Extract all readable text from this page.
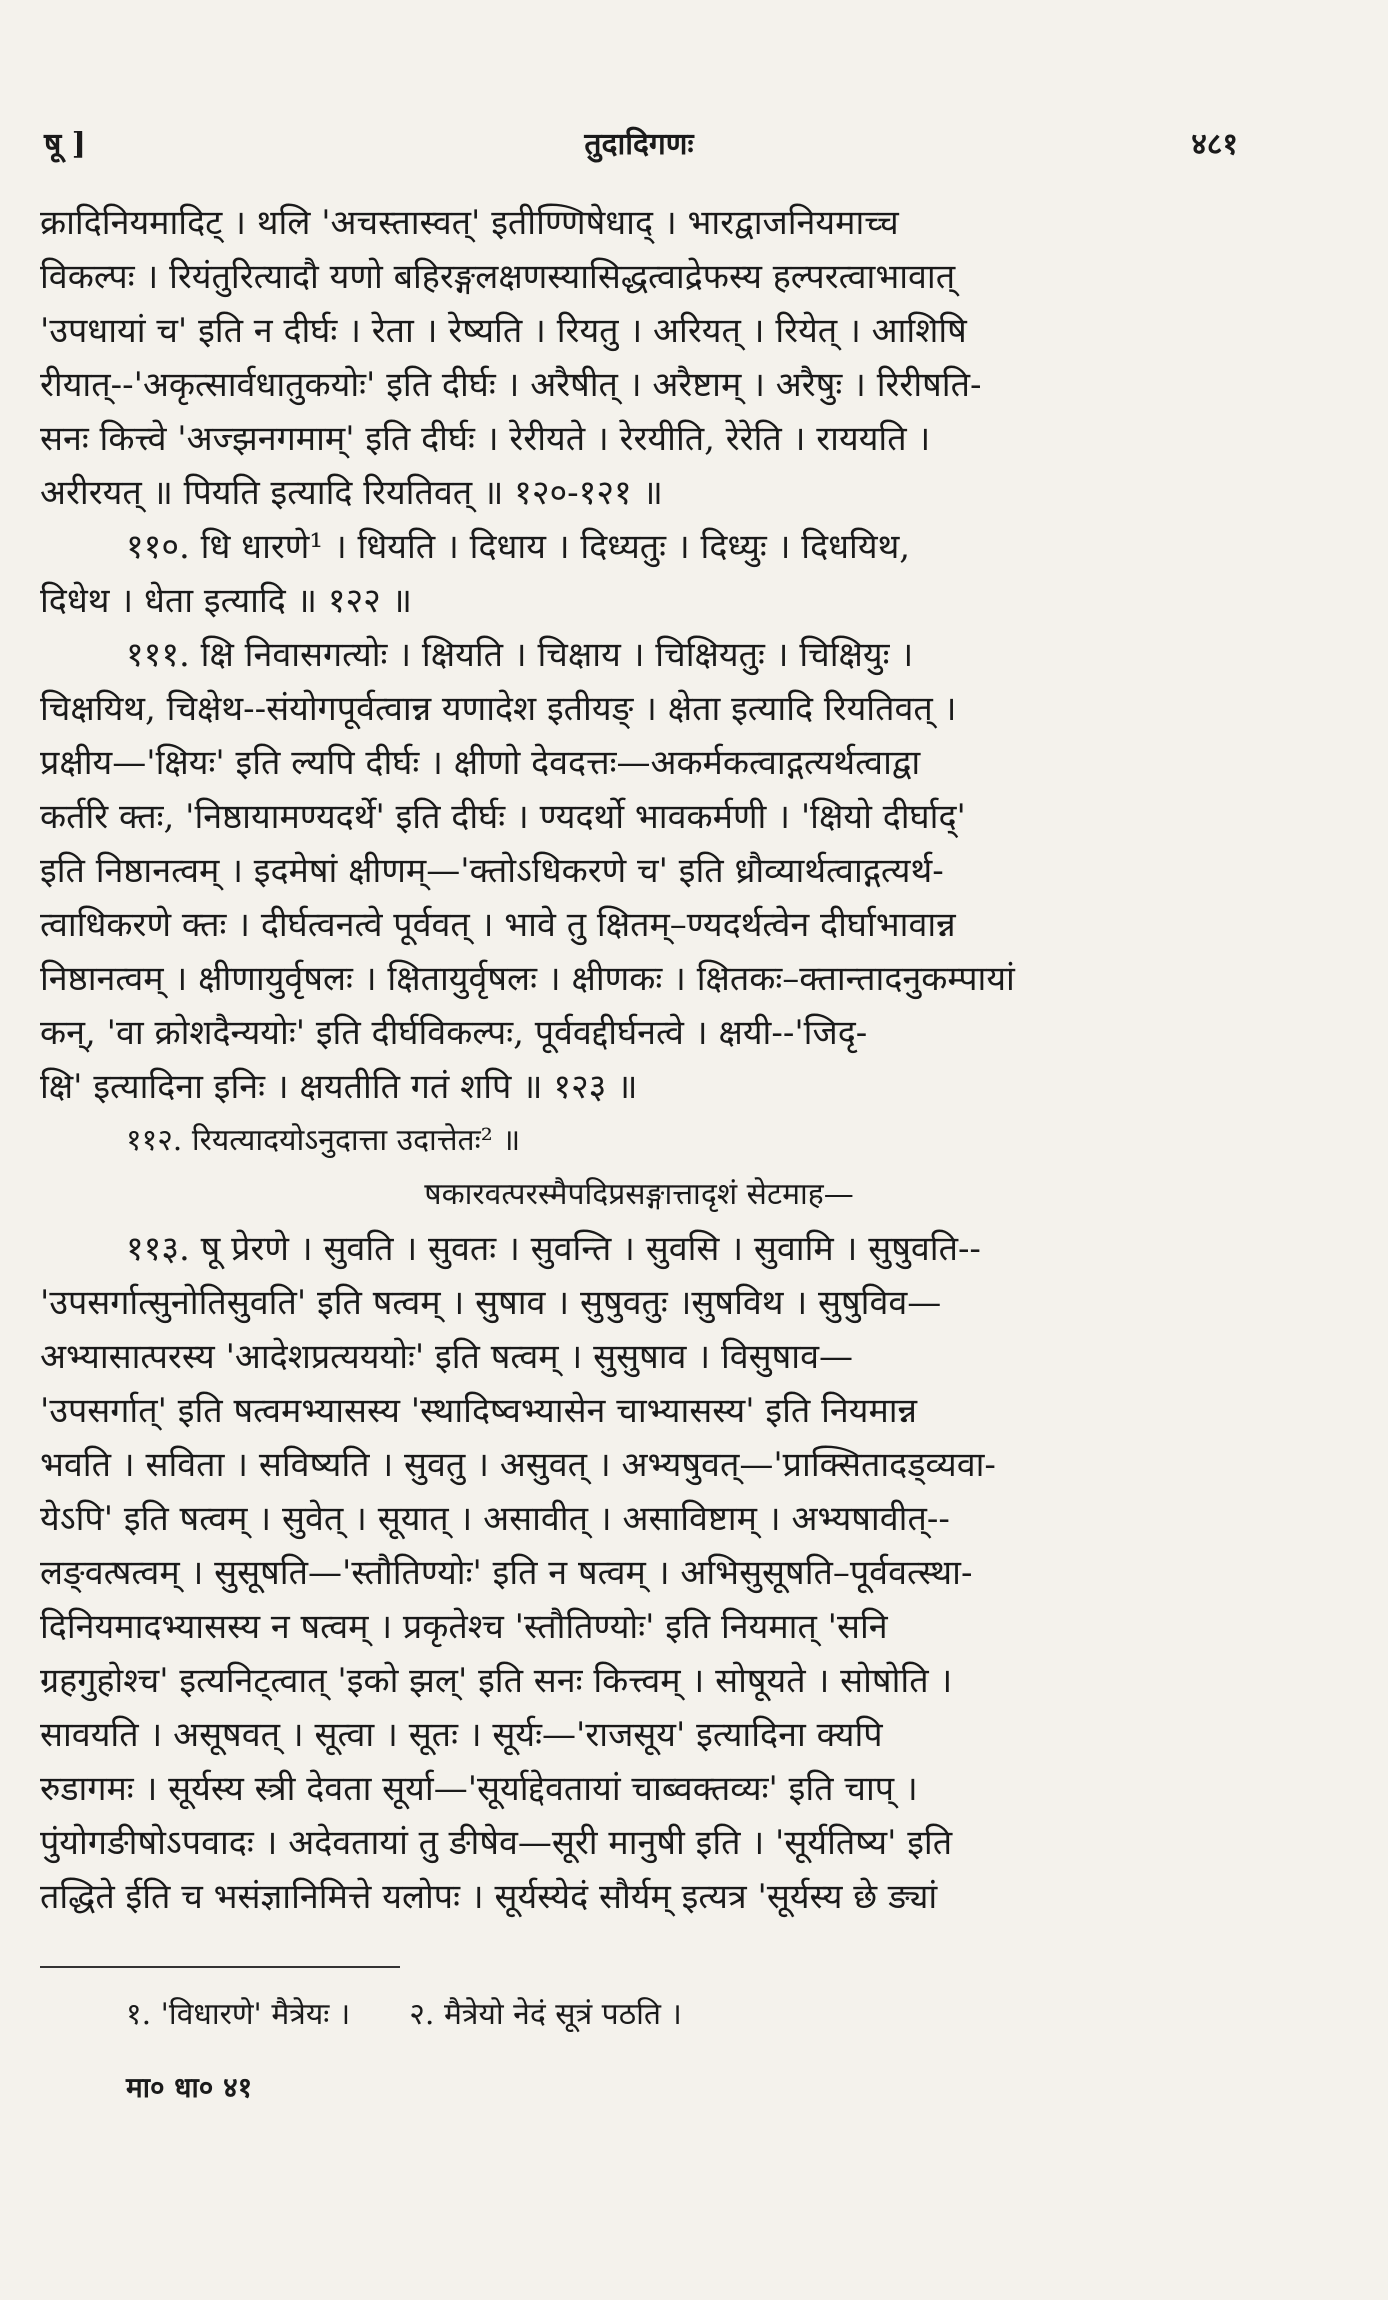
षू ]	तुदादिगणः	४८१
क्रादिनियमादिट् । थलि 'अचस्तास्वत्' इतीण्णिषेधाद् । भारद्वाजनियमाच्च
विकल्पः । रियंतुरित्यादौ यणो बहिरङ्गलक्षणस्यासिद्धत्वाद्रेफस्य हल्परत्वाभावात्
'उपधायां च' इति न दीर्घः । रेता । रेष्यति । रियतु । अरियत् । रियेत् । आशिषि
रीयात्--'अकृत्सार्वधातुकयोः' इति दीर्घः । अरैषीत् । अरैष्टाम् । अरैषुः । रिरीषति-
सनः कित्त्वे 'अज्झनगमाम्' इति दीर्घः । रेरीयते । रेरयीति, रेरेति । राययति ।
अरीरयत् ॥ पियति इत्यादि रियतिवत् ॥ १२०-१२१ ॥
११०. धि धारणे¹ । धियति । दिधाय । दिध्यतुः । दिध्युः । दिधयिथ,
दिधेथ । धेता इत्यादि ॥ १२२ ॥
१११. क्षि निवासगत्योः । क्षियति । चिक्षाय । चिक्षियतुः । चिक्षियुः ।
चिक्षयिथ, चिक्षेथ--संयोगपूर्वत्वान्न यणादेश इतीयङ् । क्षेता इत्यादि रियतिवत् ।
प्रक्षीय—'क्षियः' इति ल्यपि दीर्घः । क्षीणो देवदत्तः—अकर्मकत्वाद्गत्यर्थत्वाद्वा
कर्तरि क्तः, 'निष्ठायामण्यदर्थे' इति दीर्घः । ण्यदर्थो भावकर्मणी । 'क्षियो दीर्घाद्'
इति निष्ठानत्वम् । इदमेषां क्षीणम्—'क्तोऽधिकरणे च' इति ध्रौव्यार्थत्वाद्गत्यर्थ-
त्वाधिकरणे क्तः । दीर्घत्वनत्वे पूर्ववत् । भावे तु क्षितम्–ण्यदर्थत्वेन दीर्घाभावान्न
निष्ठानत्वम् । क्षीणायुर्वृषलः । क्षितायुर्वृषलः । क्षीणकः । क्षितकः–क्तान्तादनुकम्पायां
कन्, 'वा क्रोशदैन्ययोः' इति दीर्घविकल्पः, पूर्ववद्दीर्घनत्वे । क्षयी--'जिदृ-
क्षि' इत्यादिना इनिः । क्षयतीति गतं शपि ॥ १२३ ॥
११२. रियत्यादयोऽनुदात्ता उदात्तेतः² ॥
षकारवत्परस्मैपदिप्रसङ्गात्तादृशं सेटमाह—
११३. षू प्रेरणे । सुवति । सुवतः । सुवन्ति । सुवसि । सुवामि । सुषुवति--
'उपसर्गात्सुनोतिसुवति' इति षत्वम् । सुषाव । सुषुवतुः ।सुषविथ । सुषुविव—
अभ्यासात्परस्य 'आदेशप्रत्यययोः' इति षत्वम् । सुसुषाव । विसुषाव—
'उपसर्गात्' इति षत्वमभ्यासस्य 'स्थादिष्वभ्यासेन चाभ्यासस्य' इति नियमान्न
भवति । सविता । सविष्यति । सुवतु । असुवत् । अभ्यषुवत्—'प्राक्सितादड्व्यवा-
येऽपि' इति षत्वम् । सुवेत् । सूयात् । असावीत् । असाविष्टाम् । अभ्यषावीत्--
लङ्वत्षत्वम् । सुसूषति—'स्तौतिण्योः' इति न षत्वम् । अभिसुसूषति–पूर्ववत्स्था-
दिनियमादभ्यासस्य न षत्वम् । प्रकृतेश्च 'स्तौतिण्योः' इति नियमात् 'सनि
ग्रहगुहोश्च' इत्यनिट्त्वात् 'इको झल्' इति सनः कित्त्वम् । सोषूयते । सोषोति ।
सावयति । असूषवत् । सूत्वा । सूतः । सूर्यः—'राजसूय' इत्यादिना क्यपि
रुडागमः । सूर्यस्य स्त्री देवता सूर्या—'सूर्याद्देवतायां चाब्वक्तव्यः' इति चाप् ।
पुंयोगङीषोऽपवादः । अदेवतायां तु ङीषेव—सूरी मानुषी इति । 'सूर्यतिष्य' इति
तद्धिते ईति च भसंज्ञानिमित्ते यलोपः । सूर्यस्येदं सौर्यम् इत्यत्र 'सूर्यस्य छे ङ्यां
१. 'विधारणे' मैत्रेयः । २. मैत्रेयो नेदं सूत्रं पठति ।
मा० धा० ४१
